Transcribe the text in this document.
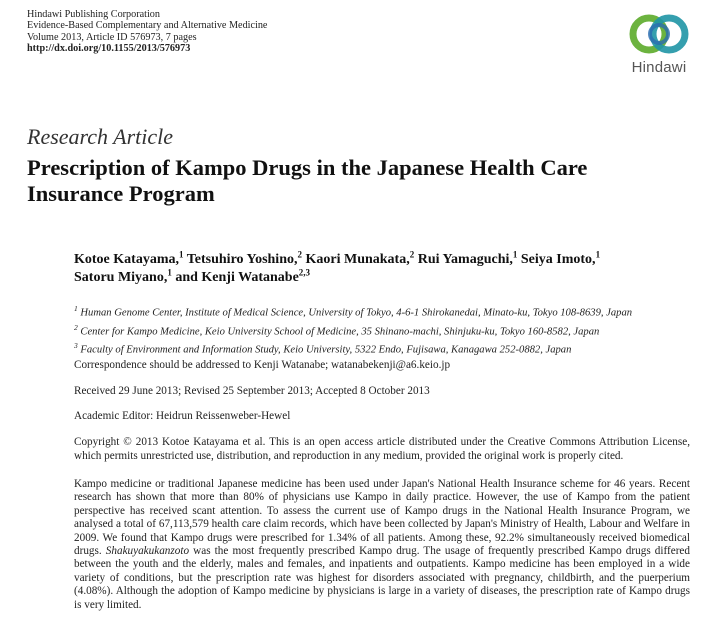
Hindawi Publishing Corporation
Evidence-Based Complementary and Alternative Medicine
Volume 2013, Article ID 576973, 7 pages
http://dx.doi.org/10.1155/2013/576973
Hindawi
Research Article
Prescription of Kampo Drugs in the Japanese Health Care Insurance Program
Kotoe Katayama,$^1$ Tetsuhiro Yoshino,$^2$ Kaori Munakata,$^2$ Rui Yamaguchi,$^1$ Seiya Imoto,$^1$
Satoru Miyano,$^1$ and Kenji Watanabe$^{2,3}$
$^1$ Human Genome Center, Institute of Medical Science, University of Tokyo, 4-6-1 Shirokanedai, Minato-ku, Tokyo 108-8639, Japan
$^2$ Center for Kampo Medicine, Keio University School of Medicine, 35 Shinano-machi, Shinjuku-ku, Tokyo 160-8582, Japan
$^3$ Faculty of Environment and Information Study, Keio University, 5322 Endo, Fujisawa, Kanagawa 252-0882, Japan
Correspondence should be addressed to Kenji Watanabe; watanabekenji@a6.keio.jp
Received 29 June 2013; Revised 25 September 2013; Accepted 8 October 2013
Academic Editor: Heidrun Reissenweber-Hewel
Copyright © 2013 Kotoe Katayama et al. This is an open access article distributed under the Creative Commons Attribution License, which permits unrestricted use, distribution, and reproduction in any medium, provided the original work is properly cited.
Kampo medicine or traditional Japanese medicine has been used under Japan's National Health Insurance scheme for 46 years. Recent research has shown that more than 80% of physicians use Kampo in daily practice. However, the use of Kampo from the patient perspective has received scant attention. To assess the current use of Kampo drugs in the National Health Insurance Program, we analysed a total of 67,113,579 health care claim records, which have been collected by Japan's Ministry of Health, Labour and Welfare in 2009. We found that Kampo drugs were prescribed for 1.34% of all patients. Among these, 92.2% simultaneously received biomedical drugs. Shakuyakukanzoto was the most frequently prescribed Kampo drug. The usage of frequently prescribed Kampo drugs differed between the youth and the elderly, males and females, and inpatients and outpatients. Kampo medicine has been employed in a wide variety of conditions, but the prescription rate was highest for disorders associated with pregnancy, childbirth, and the puerperium (4.08%). Although the adoption of Kampo medicine by physicians is large in a variety of diseases, the prescription rate of Kampo drugs is very limited.
